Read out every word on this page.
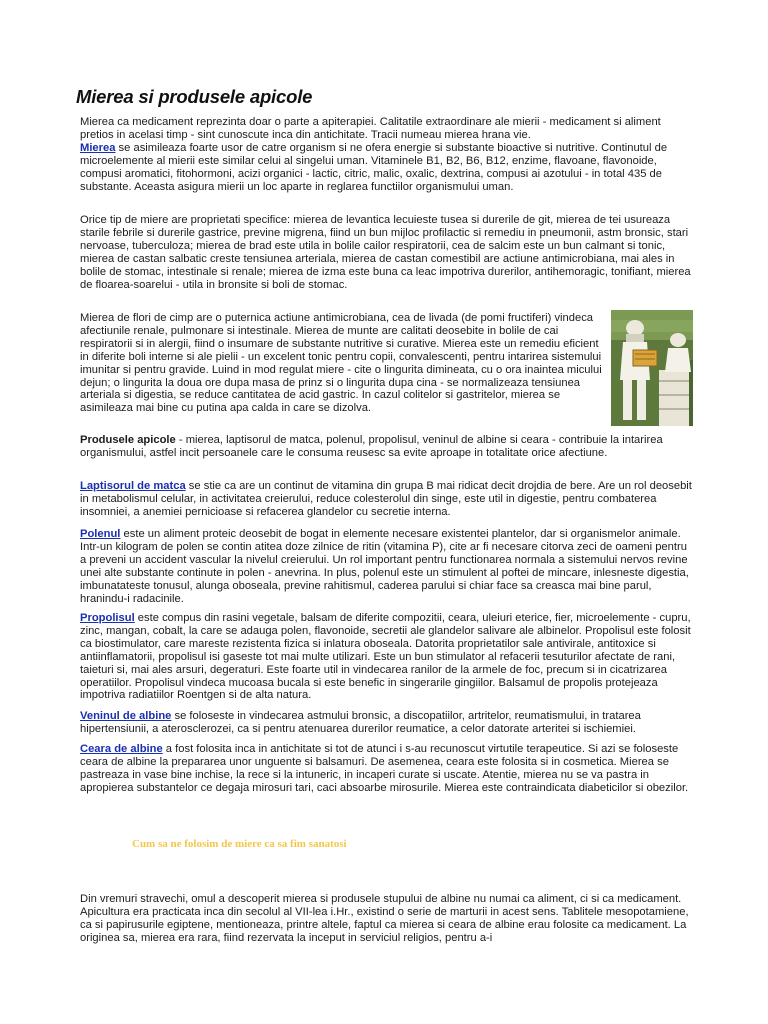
Mierea si produsele apicole

Mierea ca medicament reprezinta doar o parte a apiterapiei. Calitatile extraordinare ale mierii - medicament si aliment pretios in acelasi timp - sint cunoscute inca din antichitate. Tracii numeau mierea hrana vie.
Mierea se asimileaza foarte usor de catre organism si ne ofera energie si substante bioactive si nutritive. Continutul de microelemente al mierii este similar celui al singelui uman. Vitaminele B1, B2, B6, B12, enzime, flavoane, flavonoide, compusi aromatici, fitohormoni, acizi organici - lactic, citric, malic, oxalic, dextrina, compusi ai azotului - in total 435 de substante. Aceasta asigura mierii un loc aparte in reglarea functiilor organismului uman.

Orice tip de miere are proprietati specifice: mierea de levantica lecuieste tusea si durerile de git, mierea de tei usureaza starile febrile si durerile gastrice, previne migrena, fiind un bun mijloc profilactic si remediu in pneumonii, astm bronsic, stari nervoase, tuberculoza; mierea de brad este utila in bolile cailor respiratorii, cea de salcim este un bun calmant si tonic, mierea de castan salbatic creste tensiunea arteriala, mierea de castan comestibil are actiune antimicrobiana, mai ales in bolile de stomac, intestinale si renale; mierea de izma este buna ca leac impotriva durerilor, antihemoragic, tonifiant, mierea de floarea-soarelui - utila in bronsite si boli de stomac.

Mierea de flori de cimp are o puternica actiune antimicrobiana, cea de livada (de pomi fructiferi) vindeca afectiunile renale, pulmonare si intestinale. Mierea de munte are calitati deosebite in bolile de cai respiratorii si in alergii, fiind o insumare de substante nutritive si curative. Mierea este un remediu eficient in diferite boli interne si ale pielii - un excelent tonic pentru copii, convalescenti, pentru intarirea sistemului imunitar si pentru gravide. Luind in mod regulat miere - cite o lingurita dimineata, cu o ora inaintea micului dejun; o lingurita la doua ore dupa masa de prinz si o lingurita dupa cina - se normalizeaza tensiunea arteriala si digestia, se reduce cantitatea de acid gastric. In cazul colitelor si gastritelor, mierea se asimileaza mai bine cu putina apa calda in care se dizolva.

Produsele apicole - mierea, laptisorul de matca, polenul, propolisul, veninul de albine si ceara - contribuie la intarirea organismului, astfel incit persoanele care le consuma reusesc sa evite aproape in totalitate orice afectiune.

Laptisorul de matca se stie ca are un continut de vitamina din grupa B mai ridicat decit drojdia de bere. Are un rol deosebit in metabolismul celular, in activitatea creierului, reduce colesterolul din singe, este util in digestie, pentru combaterea insomniei, a anemiei pernicioase si refacerea glandelor cu secretie interna.

Polenul este un aliment proteic deosebit de bogat in elemente necesare existentei plantelor, dar si organismelor animale. Intr-un kilogram de polen se contin atitea doze zilnice de ritin (vitamina P), cite ar fi necesare citorva zeci de oameni pentru a preveni un accident vascular la nivelul creierului. Un rol important pentru functionarea normala a sistemului nervos revine unei alte substante continute in polen - anevrina. In plus, polenul este un stimulent al poftei de mincare, inlesneste digestia, imbunatateste tonusul, alunga oboseala, previne rahitismul, caderea parului si chiar face sa creasca mai bine parul, hranindu-i radacinile.

Propolisul este compus din rasini vegetale, balsam de diferite compozitii, ceara, uleiuri eterice, fier, microelemente - cupru, zinc, mangan, cobalt, la care se adauga polen, flavonoide, secretii ale glandelor salivare ale albinelor. Propolisul este folosit ca biostimulator, care mareste rezistenta fizica si inlatura oboseala. Datorita proprietatilor sale antivirale, antitoxice si antiinflamatorii, propolisul isi gaseste tot mai multe utilizari. Este un bun stimulator al refacerii tesuturilor afectate de rani, taieturi si, mai ales arsuri, degeraturi. Este foarte util in vindecarea ranilor de la armele de foc, precum si in cicatrizarea operatiilor. Propolisul vindeca mucoasa bucala si este benefic in singerarile gingiilor. Balsamul de propolis protejeaza impotriva radiatiilor Roentgen si de alta natura.

Veninul de albine se foloseste in vindecarea astmului bronsic, a discopatiilor, artritelor, reumatismului, in tratarea hipertensiunii, a aterosclerozei, ca si pentru atenuarea durerilor reumatice, a celor datorate arteritei si ischiemiei.

Ceara de albine a fost folosita inca in antichitate si tot de atunci i s-au recunoscut virtutile terapeutice. Si azi se foloseste ceara de albine la prepararea unor unguente si balsamuri. De asemenea, ceara este folosita si in cosmetica. Mierea se pastreaza in vase bine inchise, la rece si la intuneric, in incaperi curate si uscate. Atentie, mierea nu se va pastra in apropierea substantelor ce degaja mirosuri tari, caci absoarbe mirosurile. Mierea este contraindicata diabeticilor si obezilor.

Cum sa ne folosim de miere ca sa fim sanatosi

Din vremuri stravechi, omul a descoperit mierea si produsele stupului de albine nu numai ca aliment, ci si ca medicament. Apicultura era practicata inca din secolul al VII-lea i.Hr., existind o serie de marturii in acest sens. Tablitele mesopotamiene, ca si papirusurile egiptene, mentioneaza, printre altele, faptul ca mierea si ceara de albine erau folosite ca medicament. La originea sa, mierea era rara, fiind rezervata la inceput in serviciul religios, pentru a-i
